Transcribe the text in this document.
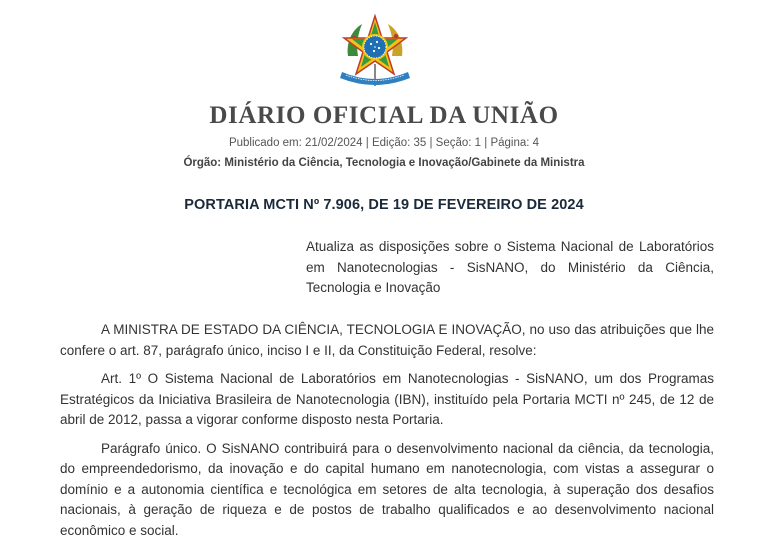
DIÁRIO OFICIAL DA UNIÃO
Publicado em: 21/02/2024 | Edição: 35 | Seção: 1 | Página: 4
Órgão: Ministério da Ciência, Tecnologia e Inovação/Gabinete da Ministra
PORTARIA MCTI Nº 7.906, DE 19 DE FEVEREIRO DE 2024
Atualiza as disposições sobre o Sistema Nacional de Laboratórios em Nanotecnologias - SisNANO, do Ministério da Ciência, Tecnologia e Inovação

A MINISTRA DE ESTADO DA CIÊNCIA, TECNOLOGIA E INOVAÇÃO, no uso das atribuições que lhe confere o art. 87, parágrafo único, inciso I e II, da Constituição Federal, resolve:

Art. 1º O Sistema Nacional de Laboratórios em Nanotecnologias - SisNANO, um dos Programas Estratégicos da Iniciativa Brasileira de Nanotecnologia (IBN), instituído pela Portaria MCTI nº 245, de 12 de abril de 2012, passa a vigorar conforme disposto nesta Portaria.

Parágrafo único. O SisNANO contribuirá para o desenvolvimento nacional da ciência, da tecnologia, do empreendedorismo, da inovação e do capital humano em nanotecnologia, com vistas a assegurar o domínio e a autonomia científica e tecnológica em setores de alta tecnologia, à superação dos desafios nacionais, à geração de riqueza e de postos de trabalho qualificados e ao desenvolvimento nacional econômico e social.
